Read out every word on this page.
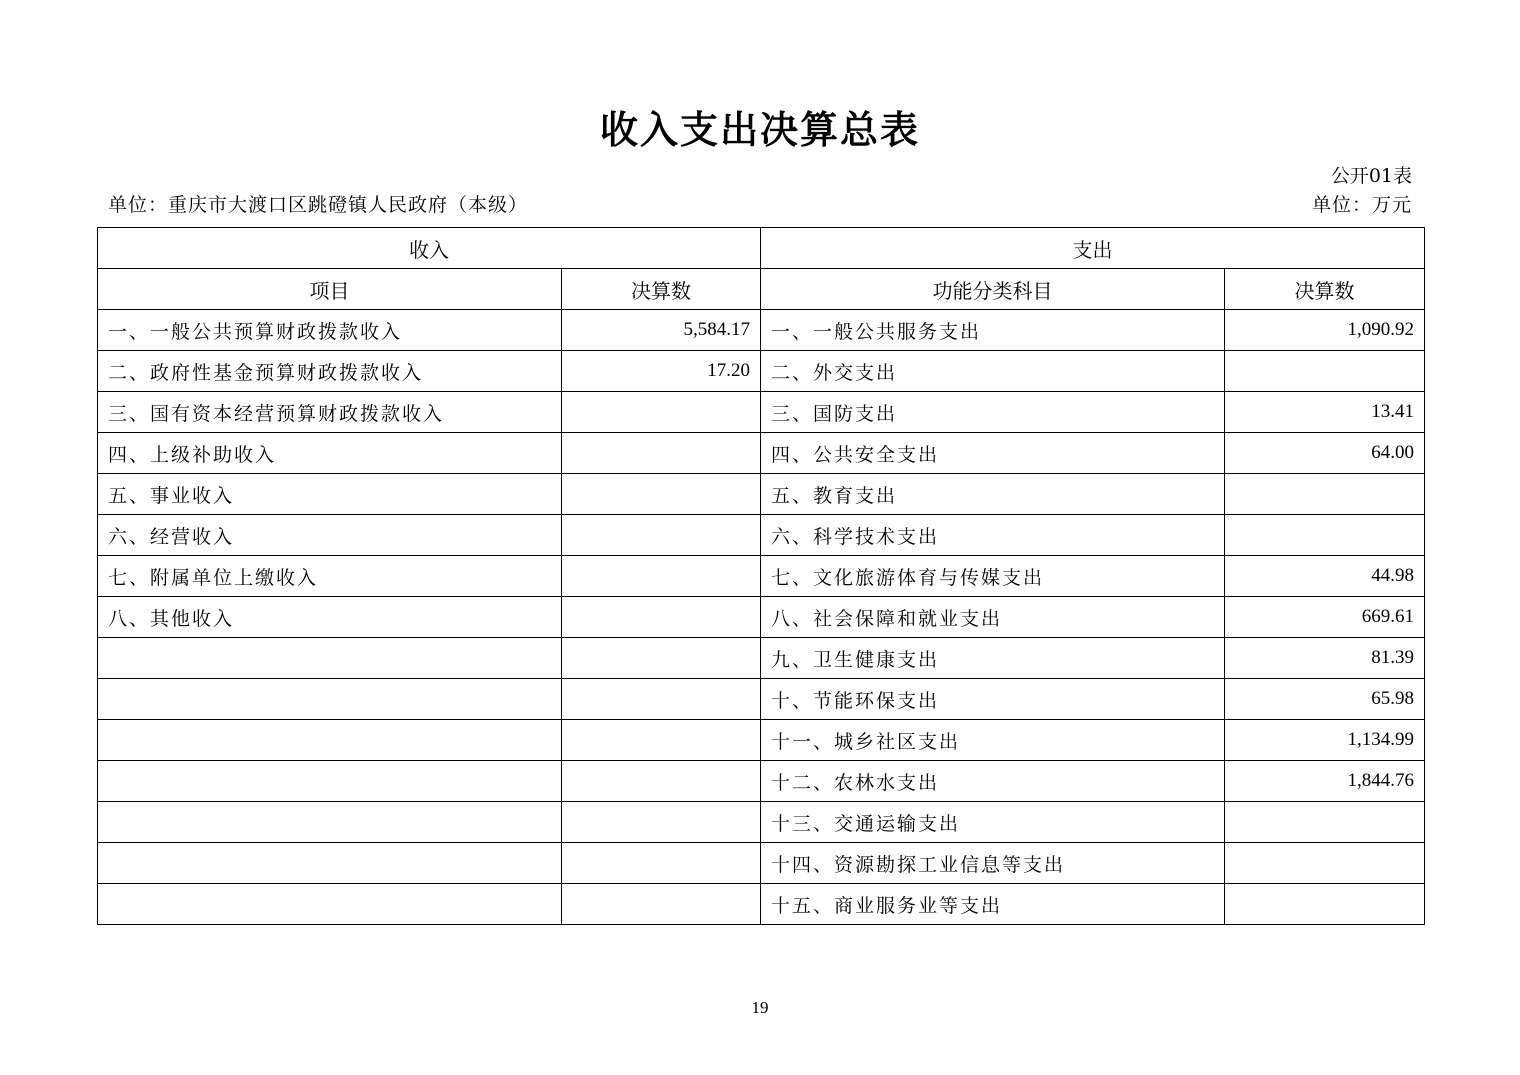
收入支出决算总表
公开01表
单位：重庆市大渡口区跳磴镇人民政府（本级）	单位：万元
收入		支出	
项目	决算数	功能分类科目	决算数
一、一般公共预算财政拨款收入	5,584.17	一、一般公共服务支出	1,090.92
二、政府性基金预算财政拨款收入	17.20	二、外交支出	
三、国有资本经营预算财政拨款收入		三、国防支出	13.41
四、上级补助收入		四、公共安全支出	64.00
五、事业收入		五、教育支出	
六、经营收入		六、科学技术支出	
七、附属单位上缴收入		七、文化旅游体育与传媒支出	44.98
八、其他收入		八、社会保障和就业支出	669.61
		九、卫生健康支出	81.39
		十、节能环保支出	65.98
		十一、城乡社区支出	1,134.99
		十二、农林水支出	1,844.76
		十三、交通运输支出	
		十四、资源勘探工业信息等支出	
		十五、商业服务业等支出	
19
